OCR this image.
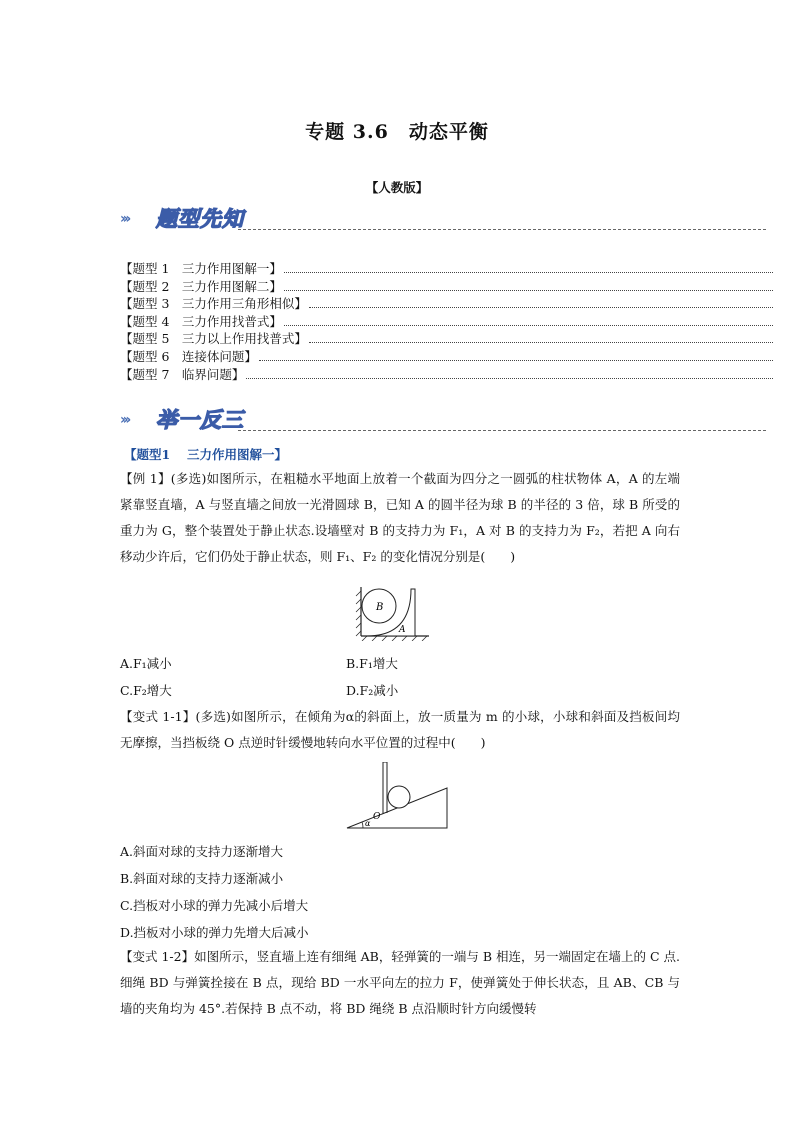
专题 3.6　动态平衡
【人教版】
››› 题型先知
【题型 1　三力作用图解一】
【题型 2　三力作用图解二】
【题型 3　三力作用三角形相似】
【题型 4　三力作用找普式】
【题型 5　三力以上作用找普式】
【题型 6　连接体问题】
【题型 7　临界问题】
››› 举一反三
【题型1　 三力作用图解一】
【例 1】(多选)如图所示，在粗糙水平地面上放着一个截面为四分之一圆弧的柱状物体 A，A 的左端紧靠竖直墙，A 与竖直墙之间放一光滑圆球 B，已知 A 的圆半径为球 B 的半径的 3 倍，球 B 所受的重力为 G，整个装置处于静止状态.设墙壁对 B 的支持力为 F₁，A 对 B 的支持力为 F₂，若把 A 向右移动少许后，它们仍处于静止状态，则 F₁、F₂ 的变化情况分别是(　　)
B
A
A.F₁减小	B.F₁增大
C.F₂增大	D.F₂减小
【变式 1-1】(多选)如图所示，在倾角为α的斜面上，放一质量为 m 的小球，小球和斜面及挡板间均无摩擦，当挡板绕 O 点逆时针缓慢地转向水平位置的过程中(　　)
O
α
A.斜面对球的支持力逐渐增大
B.斜面对球的支持力逐渐减小
C.挡板对小球的弹力先减小后增大
D.挡板对小球的弹力先增大后减小
【变式 1-2】如图所示，竖直墙上连有细绳 AB，轻弹簧的一端与 B 相连，另一端固定在墙上的 C 点.细绳 BD 与弹簧拴接在 B 点，现给 BD 一水平向左的拉力 F，使弹簧处于伸长状态，且 AB、CB 与墙的夹角均为 45°.若保持 B 点不动，将 BD 绳绕 B 点沿顺时针方向缓慢转
